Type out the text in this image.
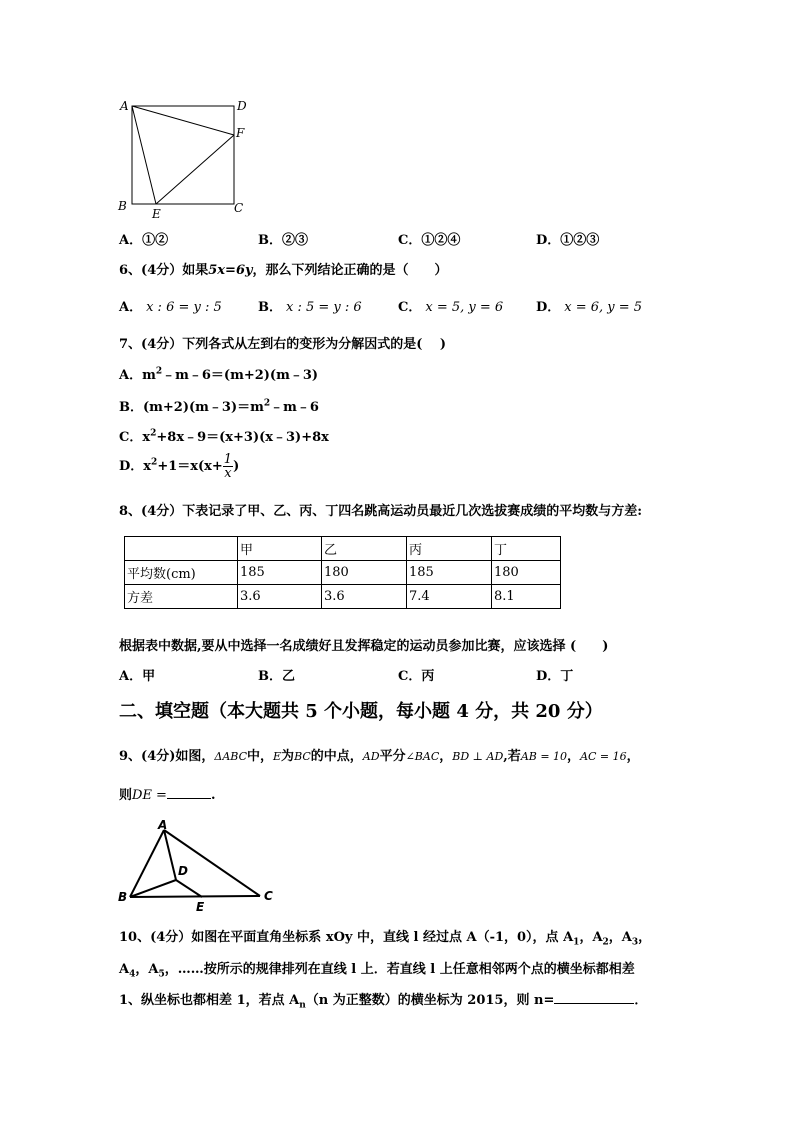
A	D
F
B
E	C
A．①②	B．②③	C．①②④	D．①②③
6、(4分）如果5x=6y，那么下列结论正确的是（　　）
A． x : 6 = y : 5	B． x : 5 = y : 6	C． x = 5, y = 6	D． x = 6, y = 5
7、(4分）下列各式从左到右的变形为分解因式的是(　 )
A．$m^2﹣m﹣6=(m+2)(m﹣3)$
B．$(m+2)(m﹣3)=m^2﹣m﹣6$
C．$x^2+8x﹣9=(x+3)(x﹣3)+8x$
D．$x^2+1=x(x+ \frac{1}{x}$ )
8、(4分）下表记录了甲、乙、丙、丁四名跳高运动员最近几次选拔赛成绩的平均数与方差:
	甲	乙	丙	丁
平均数(cm)	185	180	185	180
方差	3.6	3.6	7.4	8.1
根据表中数据,要从中选择一名成绩好且发挥稳定的运动员参加比赛，应该选择 (　　)
A．甲	B．乙	C．丙	D．丁
二、填空题（本大题共 5 个小题，每小题 4 分，共 20 分）
9、(4分)如图，ΔABC中，E为BC的中点，AD平分∠BAC，BD ⊥ AD,若AB = 10，AC = 16，
则DE =	.
A
B	C
D
E
10、(4分）如图在平面直角坐标系 xOy 中，直线 l 经过点 A（-1，0），点 $A_1$，$A_2$，$A_3$，
$A_4$，$A_5$，……按所示的规律排列在直线 l 上．若直线 l 上任意相邻两个点的横坐标都相差
1、纵坐标也都相差 1，若点 $A_n(n$ 为正整数）的横坐标为 2015，则 n=	．
